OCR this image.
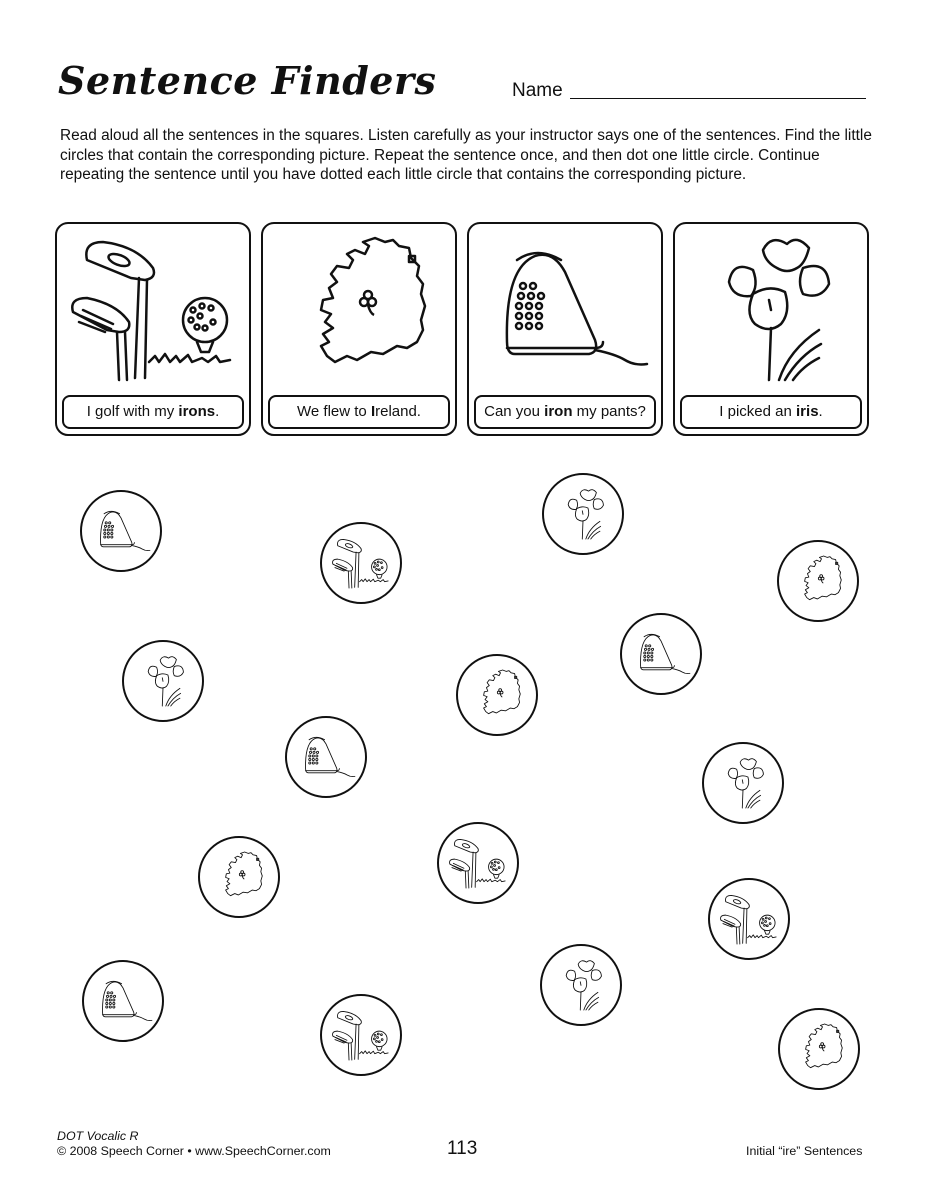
Sentence Finders	Name
Read aloud all the sentences in the squares. Listen carefully as your instructor says one of the sentences. Find the little circles that contain the corresponding picture. Repeat the sentence once, and then dot one little circle. Continue repeating the sentence until you have dotted each little circle that contains the corresponding picture.
I golf with my irons.	We flew to Ireland.	Can you iron my pants?	I picked an iris.
DOT Vocalic R
© 2008 Speech Corner • www.SpeechCorner.com	113	Initial “ire” Sentences
